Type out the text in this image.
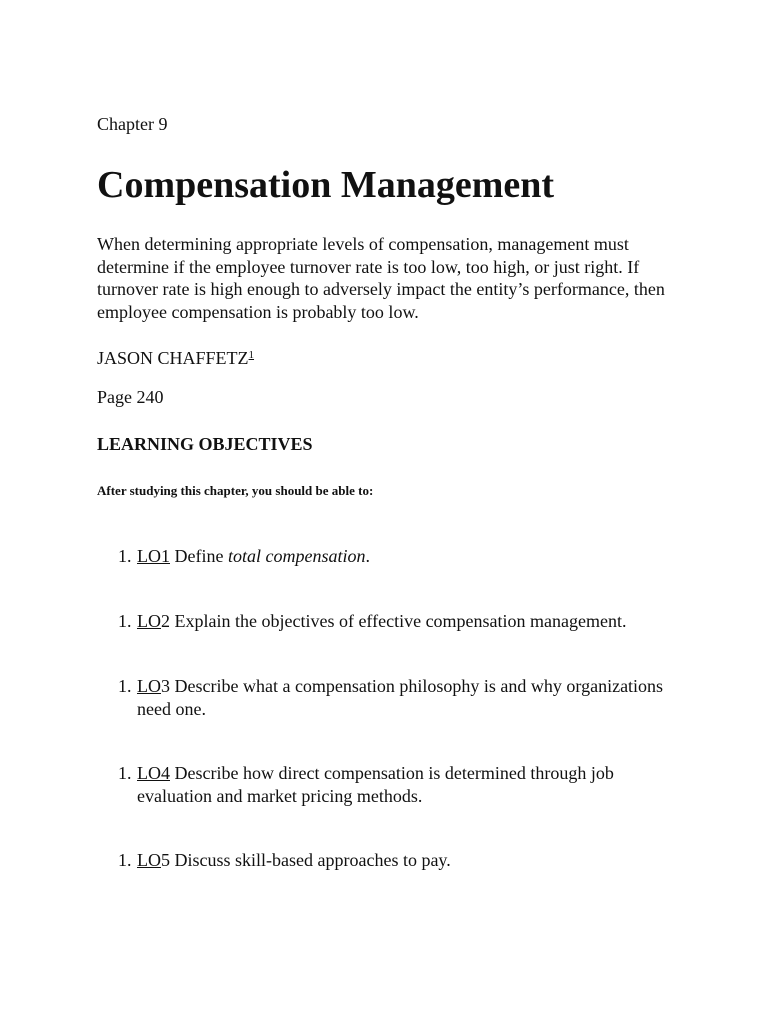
Chapter 9
Compensation Management

When determining appropriate levels of compensation, management must determine if the employee turnover rate is too low, too high, or just right. If turnover rate is high enough to adversely impact the entity’s performance, then employee compensation is probably too low.

JASON CHAFFETZ$^1$
Page 240
LEARNING OBJECTIVES
After studying this chapter, you should be able to:
1. LO1 Define total compensation.
1. LO2 Explain the objectives of effective compensation management.
1. LO3 Describe what a compensation philosophy is and why organizations need one.
1. LO4 Describe how direct compensation is determined through job evaluation and market pricing methods.
1. LO5 Discuss skill-based approaches to pay.
